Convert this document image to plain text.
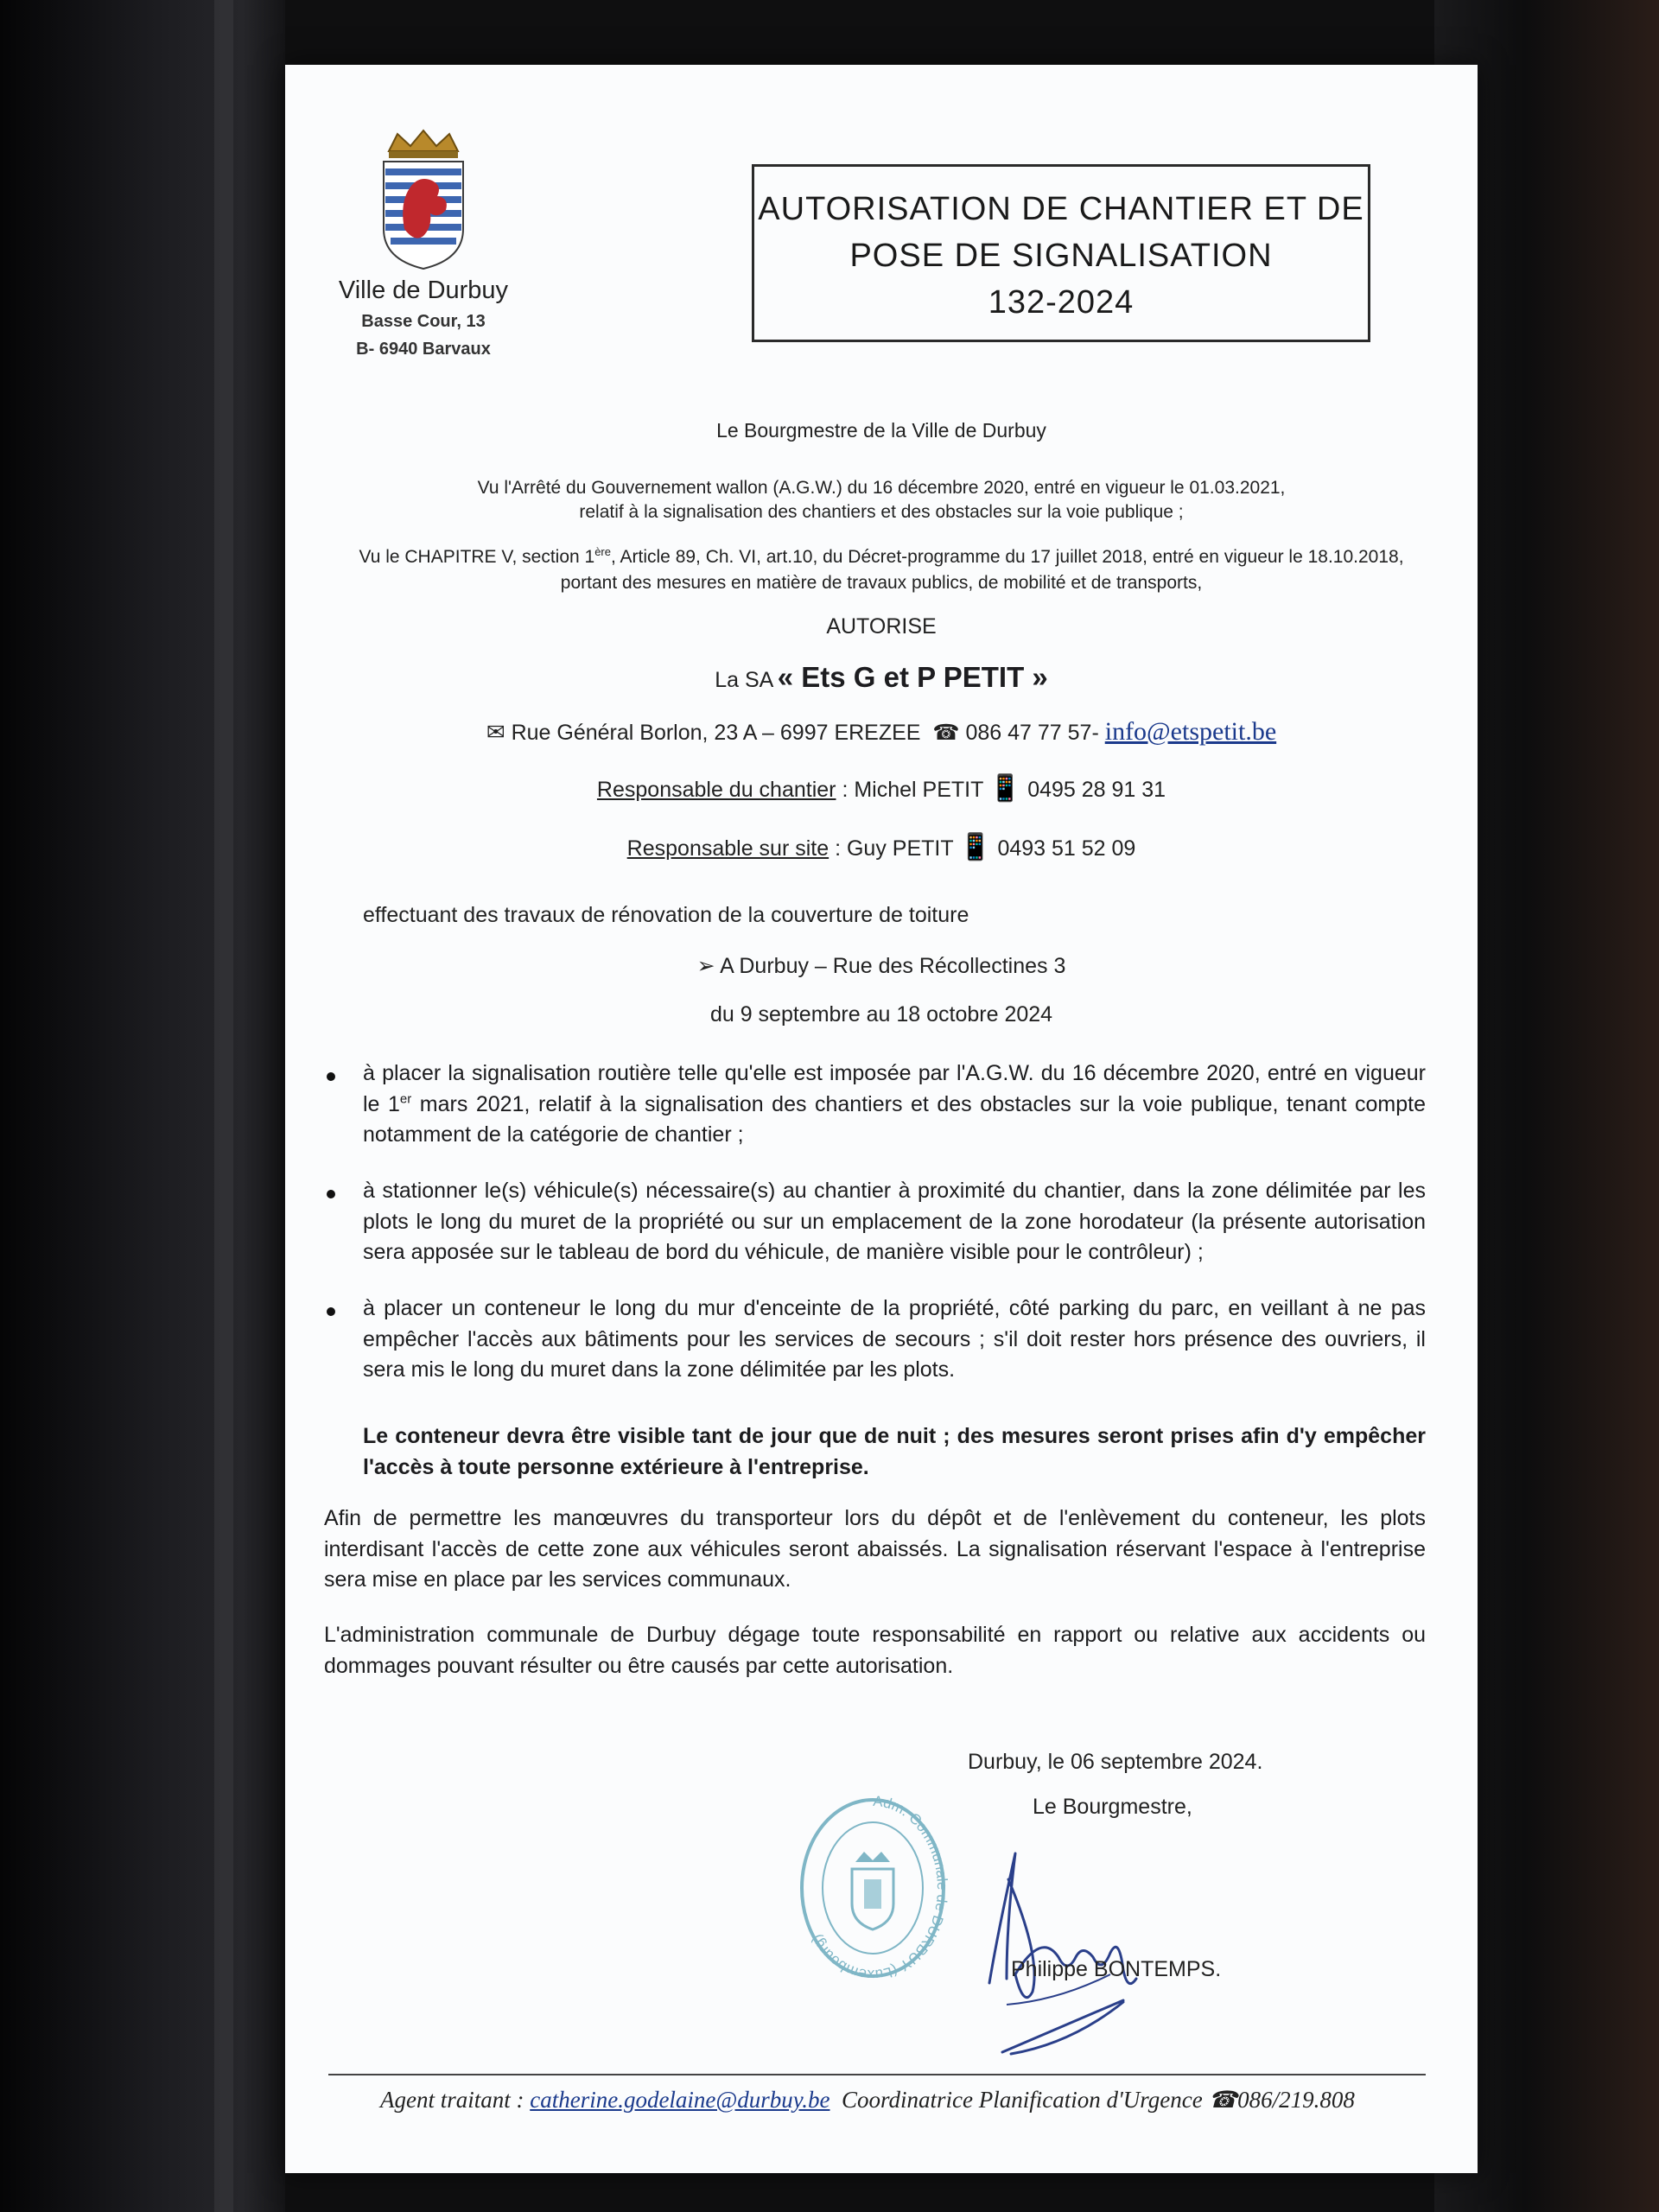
Ville de Durbuy
Basse Cour, 13
B- 6940 Barvaux
AUTORISATION DE CHANTIER ET DE
POSE DE SIGNALISATION
132-2024
Le Bourgmestre de la Ville de Durbuy
Vu l'Arrêté du Gouvernement wallon (A.G.W.) du 16 décembre 2020, entré en vigueur le 01.03.2021,
relatif à la signalisation des chantiers et des obstacles sur la voie publique ;
Vu le CHAPITRE V, section 1ère, Article 89, Ch. VI, art.10, du Décret-programme du 17 juillet 2018, entré en vigueur le 18.10.2018,
portant des mesures en matière de travaux publics, de mobilité et de transports,
AUTORISE
La SA « Ets G et P PETIT »
✉ Rue Général Borlon, 23 A – 6997 EREZEE ☎ 086 47 77 57- info@etspetit.be
Responsable du chantier : Michel PETIT 📱 0495 28 91 31
Responsable sur site : Guy PETIT 📱 0493 51 52 09
effectuant des travaux de rénovation de la couverture de toiture
➢ A Durbuy – Rue des Récollectines 3
du 9 septembre au 18 octobre 2024
à placer la signalisation routière telle qu'elle est imposée par l'A.G.W. du 16 décembre 2020, entré en vigueur le 1er mars 2021, relatif à la signalisation des chantiers et des obstacles sur la voie publique, tenant compte notamment de la catégorie de chantier ;
à stationner le(s) véhicule(s) nécessaire(s) au chantier à proximité du chantier, dans la zone délimitée par les plots le long du muret de la propriété ou sur un emplacement de la zone horodateur (la présente autorisation sera apposée sur le tableau de bord du véhicule, de manière visible pour le contrôleur) ;
à placer un conteneur le long du mur d'enceinte de la propriété, côté parking du parc, en veillant à ne pas empêcher l'accès aux bâtiments pour les services de secours ; s'il doit rester hors présence des ouvriers, il sera mis le long du muret dans la zone délimitée par les plots.
Le conteneur devra être visible tant de jour que de nuit ; des mesures seront prises afin d'y empêcher l'accès à toute personne extérieure à l'entreprise.
Afin de permettre les manœuvres du transporteur lors du dépôt et de l'enlèvement du conteneur, les plots interdisant l'accès de cette zone aux véhicules seront abaissés. La signalisation réservant l'espace à l'entreprise sera mise en place par les services communaux.
L'administration communale de Durbuy dégage toute responsabilité en rapport ou relative aux accidents ou dommages pouvant résulter ou être causés par cette autorisation.
Durbuy, le 06 septembre 2024.
Le Bourgmestre,
Adm. Communale de DURBUY (Luxembourg)
Philippe BONTEMPS.
Agent traitant : catherine.godelaine@durbuy.be Coordinatrice Planification d'Urgence ☎086/219.808
